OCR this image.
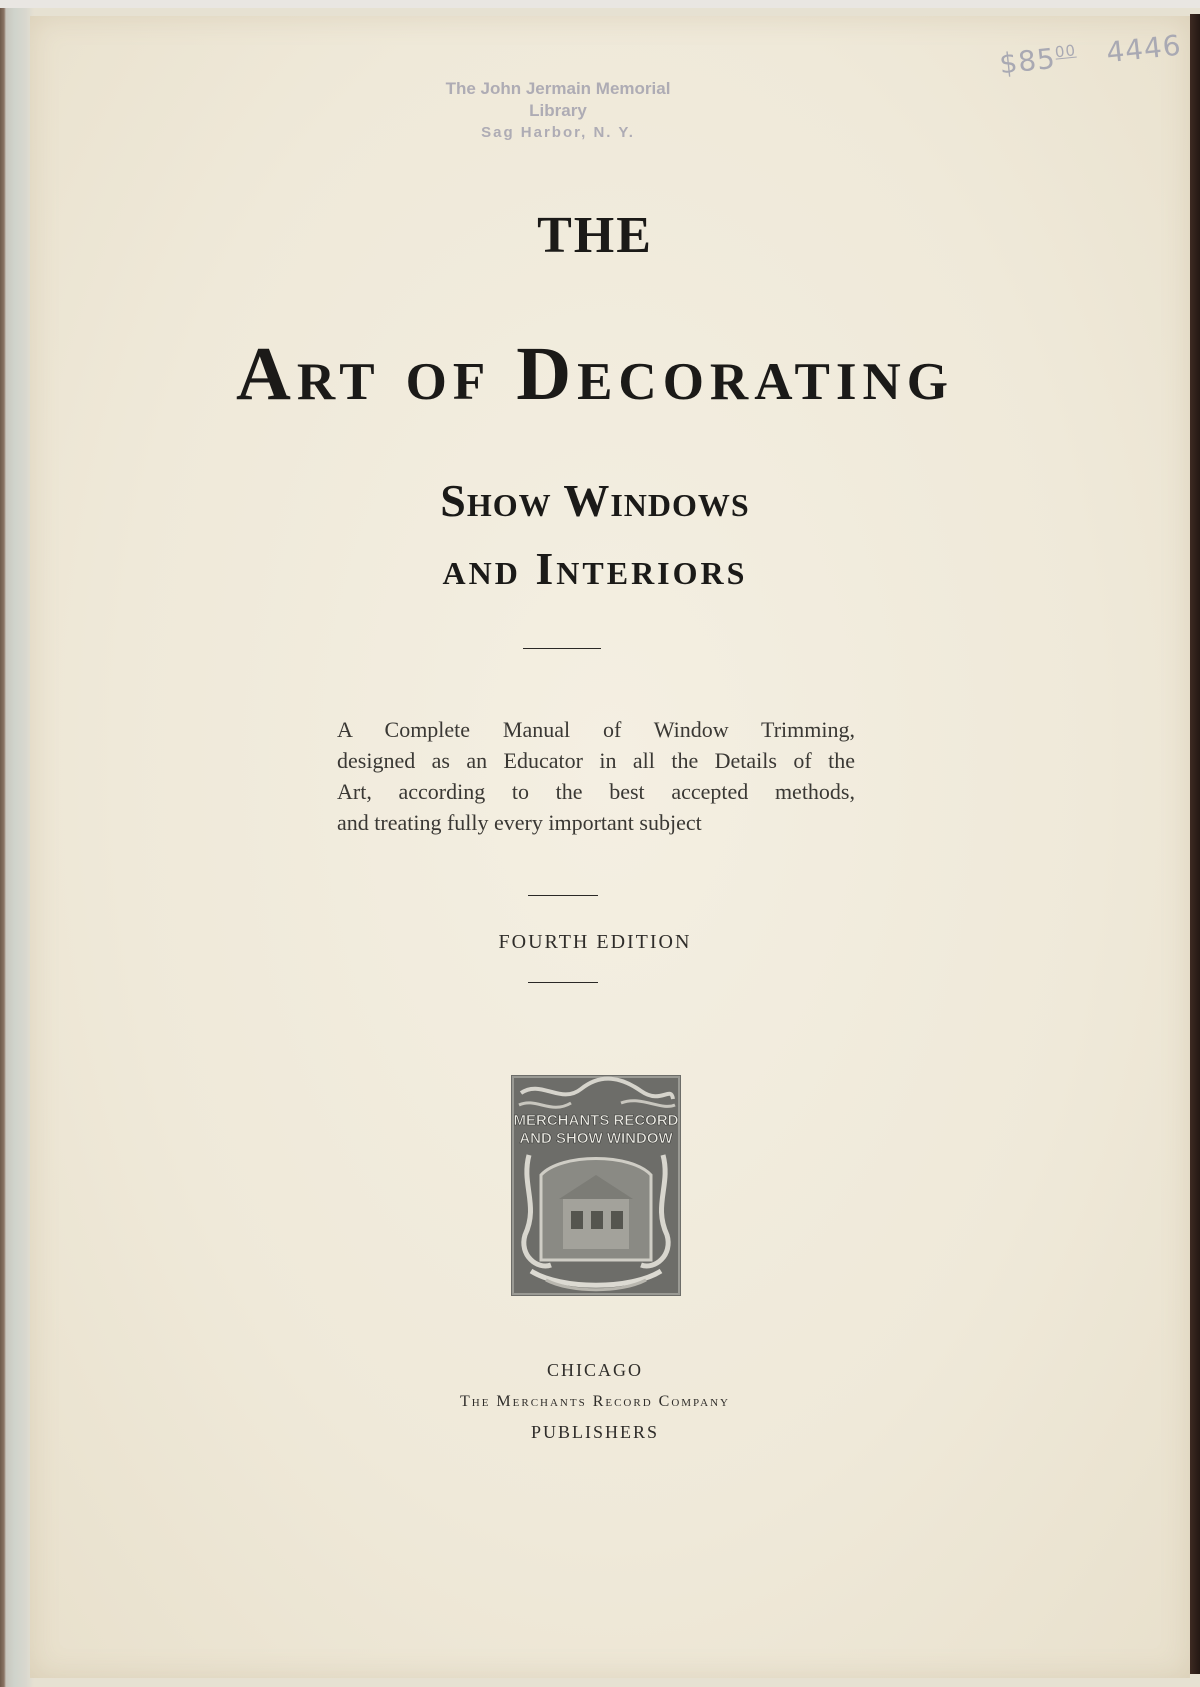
The John Jermain Memorial Library
Sag Harbor, N. Y.
$\$85^{00}$ 4446
THE
Art of Decorating
Show Windows
and Interiors
A Complete Manual of Window Trimming,
designed as an Educator in all the Details of the
Art, according to the best accepted methods,
and treating fully every important subject
FOURTH EDITION
MERCHANTS RECORD
AND SHOW WINDOW
CHICAGO
The Merchants Record Company
PUBLISHERS
